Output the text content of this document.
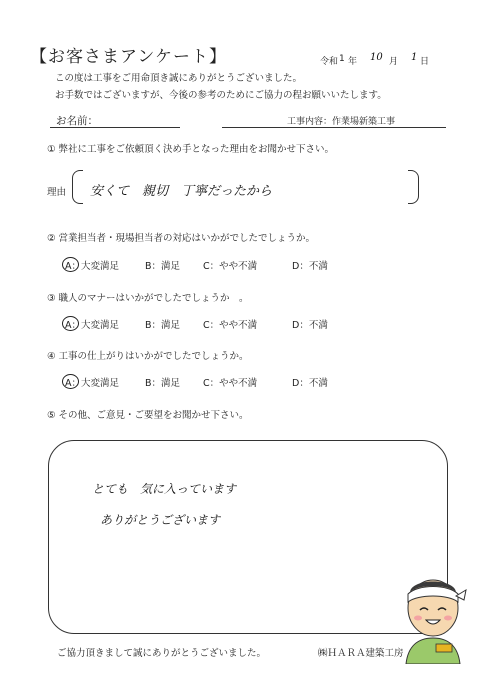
【お客さまアンケート】	令和 1 年 10 月 1 日
この度は工事をご用命頂き誠にありがとうございました。
お手数ではございますが、今後の参考のためにご協力の程お願いいたします。
お名前：	工事内容：作業場新築工事
① 弊社に工事をご依頼頂く決め手となった理由をお聞かせ下さい。
理由 安くて　親切　丁寧だったから
② 営業担当者・現場担当者の対応はいかがでしたでしょうか。
A：大変満足	B：満足 C：やや不満	D：不満
③ 職人のマナーはいかがでしたでしょうか　。
A：大変満足	B：満足 C：やや不満	D：不満
④ 工事の仕上がりはいかがでしたでしょうか。
A：大変満足	B：満足 C：やや不満	D：不満
⑤ その他、ご意見・ご要望をお聞かせ下さい。
とても　気に入っています
ありがとうございます
ご協力頂きまして誠にありがとうございました。	㈱ＨＡＲＡ建築工房
